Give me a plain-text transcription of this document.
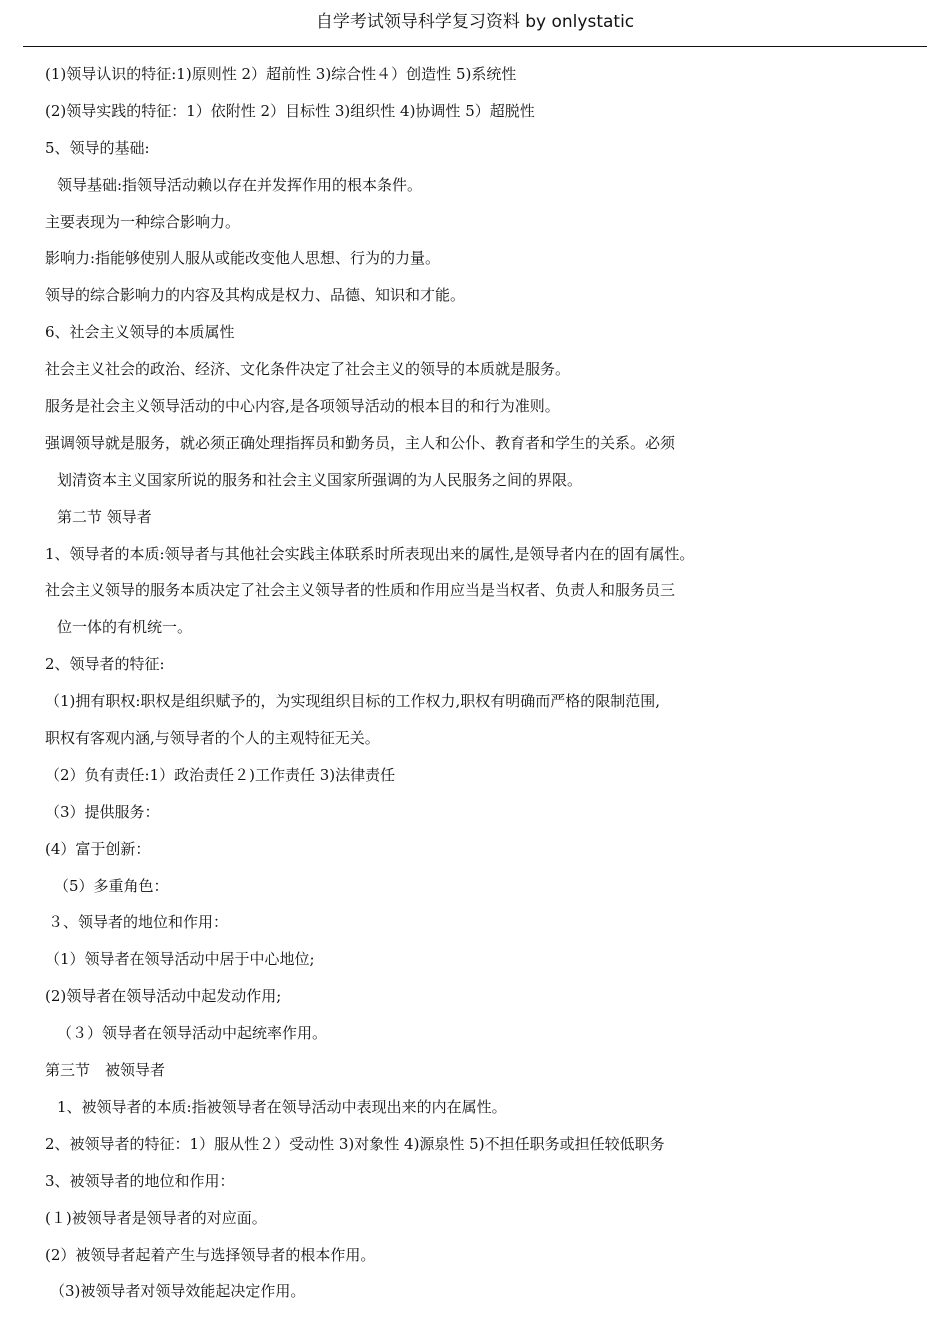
自学考试领导科学复习资料 by onlystatic
(1)领导认识的特征:1)原则性 2）超前性 3)综合性４）创造性 5)系统性
(2)领导实践的特征：1）依附性 2）目标性 3)组织性 4)协调性 5）超脱性
5、领导的基础:
领导基础:指领导活动赖以存在并发挥作用的根本条件。
主要表现为一种综合影响力。
影响力:指能够使别人服从或能改变他人思想、行为的力量。
领导的综合影响力的内容及其构成是权力、品德、知识和才能。
6、社会主义领导的本质属性
社会主义社会的政治、经济、文化条件决定了社会主义的领导的本质就是服务。
服务是社会主义领导活动的中心内容,是各项领导活动的根本目的和行为准则。
强调领导就是服务，就必须正确处理指挥员和勤务员，主人和公仆、教育者和学生的关系。必须
划清资本主义国家所说的服务和社会主义国家所强调的为人民服务之间的界限。
第二节 领导者
1、领导者的本质:领导者与其他社会实践主体联系时所表现出来的属性,是领导者内在的固有属性。
社会主义领导的服务本质决定了社会主义领导者的性质和作用应当是当权者、负责人和服务员三
位一体的有机统一。
2、领导者的特征:
（1)拥有职权:职权是组织赋予的，为实现组织目标的工作权力,职权有明确而严格的限制范围,
职权有客观内涵,与领导者的个人的主观特征无关。
（2）负有责任:1）政治责任２)工作责任 3)法律责任
（3）提供服务：
(4）富于创新：
（5）多重角色：
３、领导者的地位和作用：
（1）领导者在领导活动中居于中心地位;
(2)领导者在领导活动中起发动作用;
（３）领导者在领导活动中起统率作用。
第三节　被领导者
1、被领导者的本质:指被领导者在领导活动中表现出来的内在属性。
2、被领导者的特征：1）服从性２）受动性 3)对象性 4)源泉性 5)不担任职务或担任较低职务
3、被领导者的地位和作用：
(１)被领导者是领导者的对应面。
(2）被领导者起着产生与选择领导者的根本作用。
（3)被领导者对领导效能起决定作用。
